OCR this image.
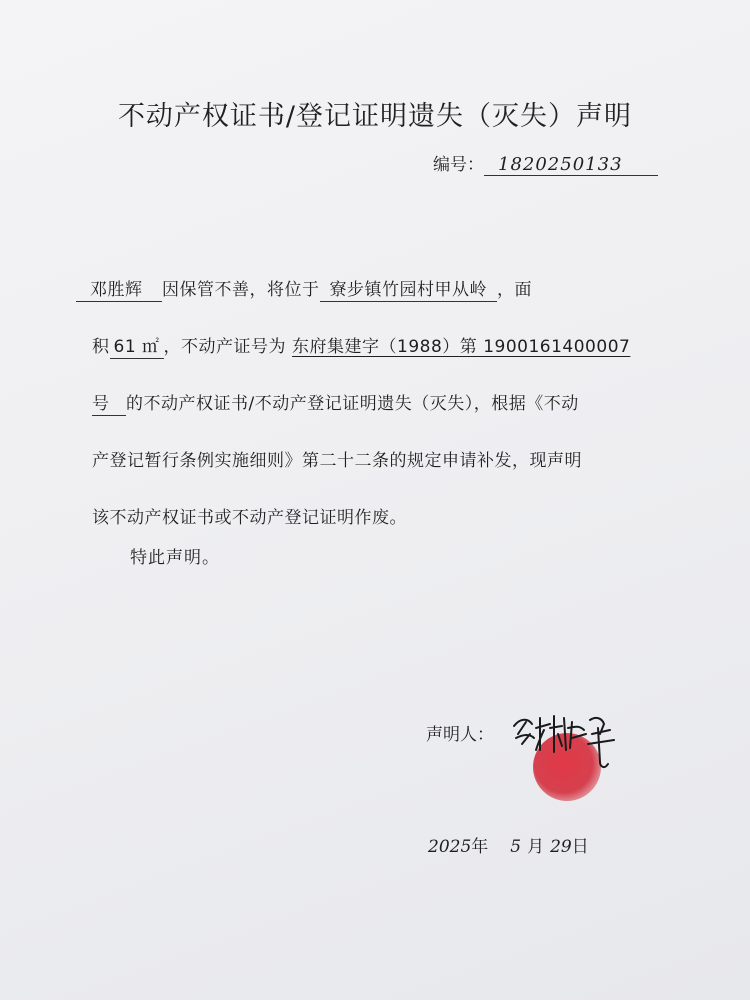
不动产权证书/登记证明遗失（灭失）声明
编号： 1820250133
邓胜辉 因保管不善，将位于 寮步镇竹园村甲从岭 ，面
积 61 ㎡ ，不动产证号为 东府集建字（1988）第 1900161400007
号 的不动产权证书/不动产登记证明遗失（灭失），根据《不动
产登记暂行条例实施细则》第二十二条的规定申请补发，现声明
该不动产权证书或不动产登记证明作废。
特此声明。
声明人：
2025年 5 月 29日
